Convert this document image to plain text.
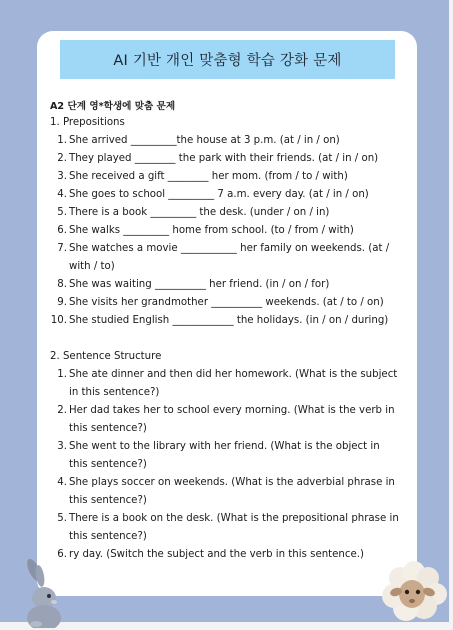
AI 기반 개인 맞춤형 학습 강화 문제
A2 단계 영*학생에 맞춤 문제
1. Prepositions
1. She arrived _________the house at 3 p.m. (at / in / on)
2. They played ________ the park with their friends. (at / in / on)
3. She received a gift ________ her mom. (from / to / with)
4. She goes to school _________ 7 a.m. every day. (at / in / on)
5. There is a book _________ the desk. (under / on / in)
6. She walks _________ home from school. (to / from / with)
7. She watches a movie ___________ her family on weekends. (at / with / to)
8. She was waiting __________ her friend. (in / on / for)
9. She visits her grandmother __________ weekends. (at / to / on)
10. She studied English ____________ the holidays. (in / on / during)
2. Sentence Structure
1. She ate dinner and then did her homework. (What is the subject in this sentence?)
2. Her dad takes her to school every morning. (What is the verb in this sentence?)
3. She went to the library with her friend. (What is the object in this sentence?)
4. She plays soccer on weekends. (What is the adverbial phrase in this sentence?)
5. There is a book on the desk. (What is the prepositional phrase in this sentence?)
6. ry day. (Switch the subject and the verb in this sentence.)
